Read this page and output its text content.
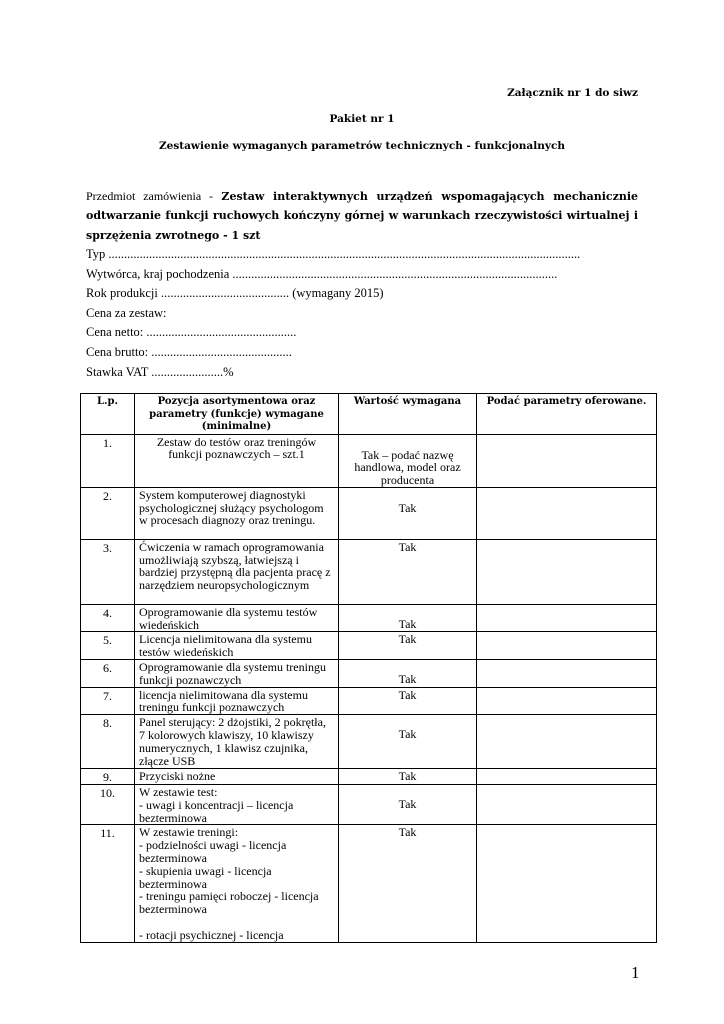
Załącznik nr 1 do siwz
Pakiet nr 1
Zestawienie wymaganych parametrów technicznych - funkcjonalnych
Przedmiot zamówienia - Zestaw interaktywnych urządzeń wspomagających mechanicznie odtwarzanie funkcji ruchowych kończyny górnej w warunkach rzeczywistości wirtualnej i sprzężenia zwrotnego - 1 szt
Typ .......................................................................................................................................................
Wytwórca, kraj pochodzenia ........................................................................................................
Rok produkcji ......................................... (wymagany 2015)
Cena za zestaw:
Cena netto: ................................................
Cena brutto: .............................................
Stawka VAT .......................%
L.p.	Pozycja asortymentowa oraz parametry (funkcje) wymagane (minimalne)	Wartość wymagana	Podać parametry oferowane.
1.	Zestaw do testów oraz treningów funkcji poznawczych – szt.1	Tak – podać nazwę handlowa, model oraz producenta	
2.	System komputerowej diagnostyki psychologicznej służący psychologom w procesach diagnozy oraz treningu.	Tak	
3.	Ćwiczenia w ramach oprogramowania umożliwiają szybszą, łatwiejszą i bardziej przystępną dla pacjenta pracę z narzędziem neuropsychologicznym	Tak	
4.	Oprogramowanie dla systemu testów wiedeńskich	Tak	
5.	Licencja nielimitowana dla systemu testów wiedeńskich	Tak	
6.	Oprogramowanie dla systemu treningu funkcji poznawczych	Tak	
7.	licencja nielimitowana dla systemu treningu funkcji poznawczych	Tak	
8.	Panel sterujący: 2 dżojstiki, 2 pokrętła, 7 kolorowych klawiszy, 10 klawiszy numerycznych, 1 klawisz czujnika, złącze USB	Tak	
9.	Przyciski nożne	Tak	
10.	W zestawie test:
- uwagi i koncentracji – licencja bezterminowa	Tak	
11.	W zestawie treningi:
- podzielności uwagi - licencja bezterminowa
- skupienia uwagi - licencja bezterminowa
- treningu pamięci roboczej - licencja bezterminowa

- rotacji psychicznej - licencja	Tak	
1
